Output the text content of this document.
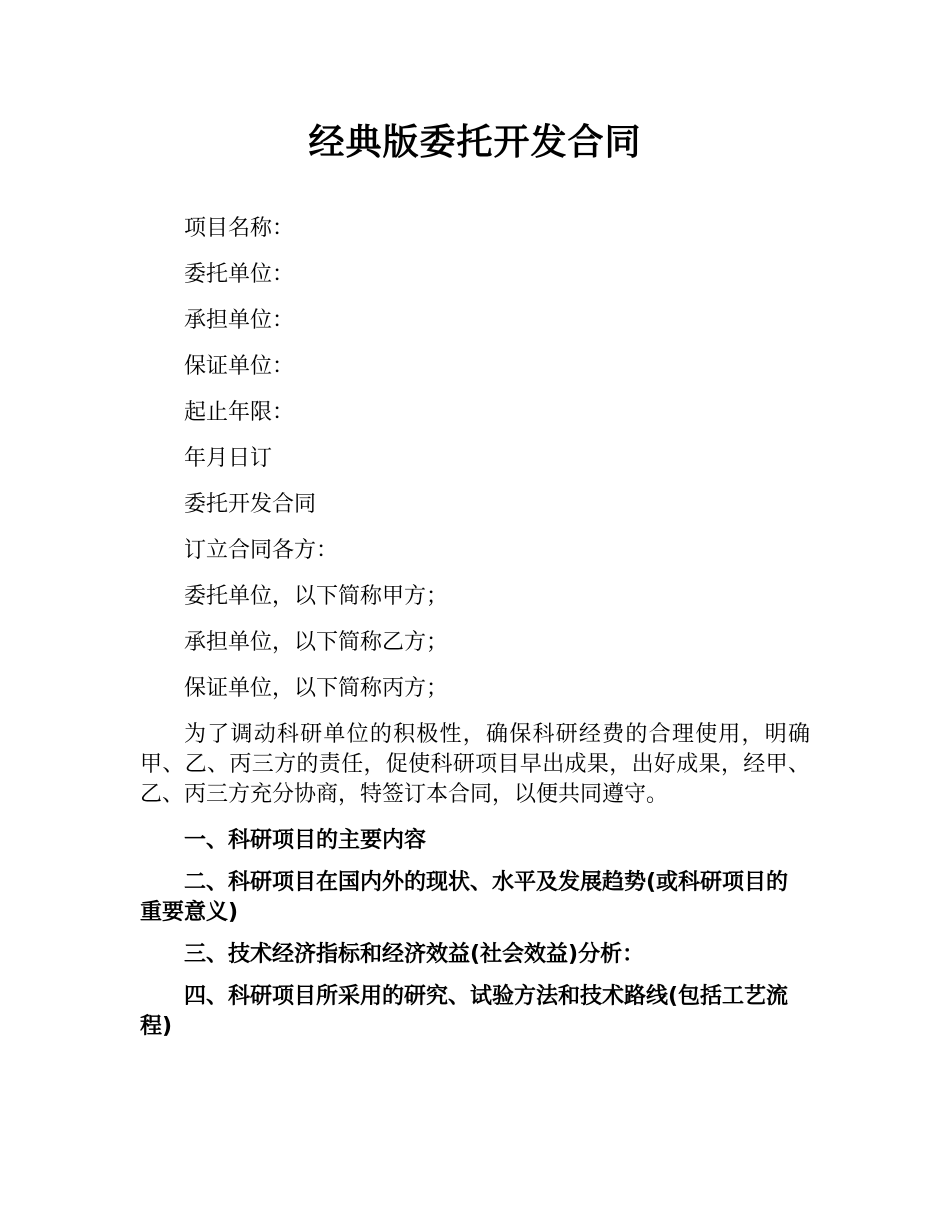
经典版委托开发合同

项目名称：

委托单位：

承担单位：

保证单位：

起止年限：

年月日订

委托开发合同

订立合同各方：

委托单位，以下简称甲方；

承担单位，以下简称乙方；

保证单位，以下简称丙方；

为了调动科研单位的积极性，确保科研经费的合理使用，明确甲、乙、丙三方的责任，促使科研项目早出成果，出好成果，经甲、乙、丙三方充分协商，特签订本合同，以便共同遵守。

一、科研项目的主要内容

二、科研项目在国内外的现状、水平及发展趋势(或科研项目的重要意义)

三、技术经济指标和经济效益(社会效益)分析：

四、科研项目所采用的研究、试验方法和技术路线(包括工艺流程)
